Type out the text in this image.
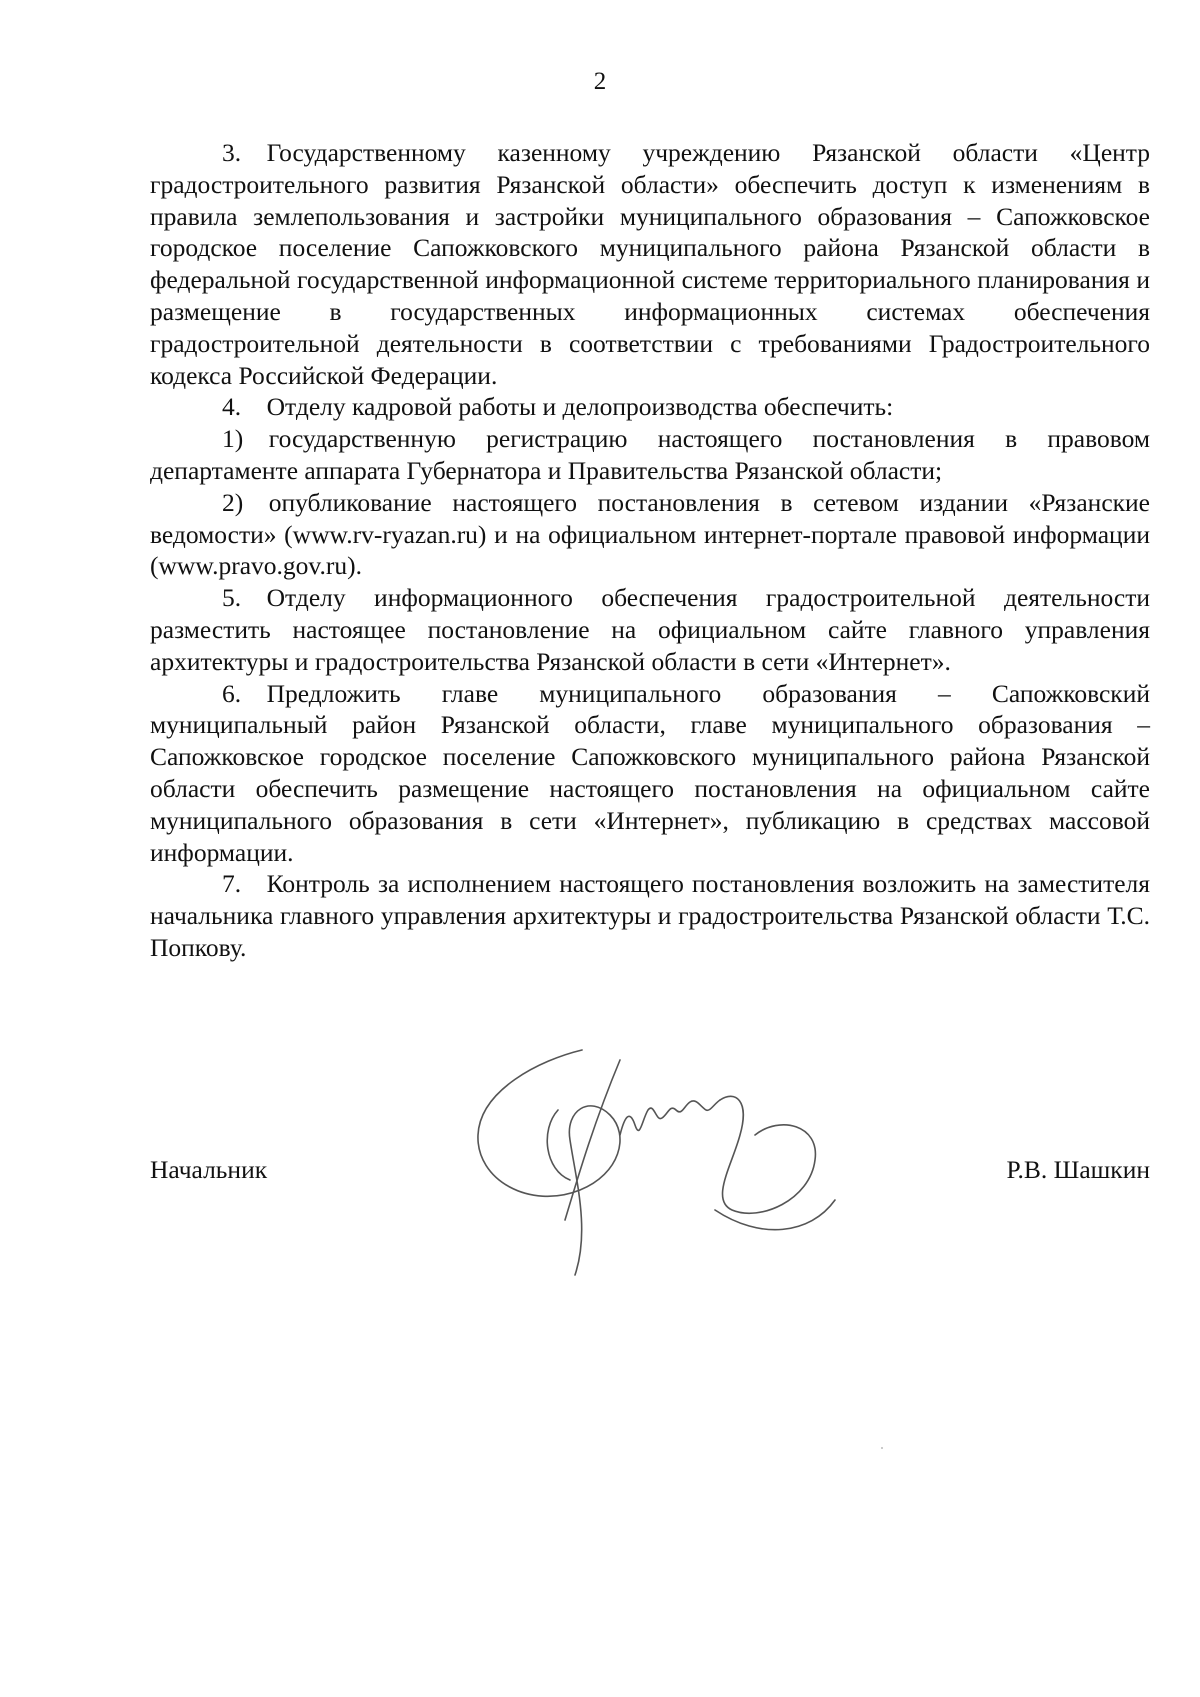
2

3. Государственному казенному учреждению Рязанской области «Центр градостроительного развития Рязанской области» обеспечить доступ к изменениям в правила землепользования и застройки муниципального образования – Сапожковское городское поселение Сапожковского муниципального района Рязанской области в федеральной государственной информационной системе территориального планирования и размещение в государственных информационных системах обеспечения градостроительной деятельности в соответствии с требованиями Градостроительного кодекса Российской Федерации.

4. Отделу кадровой работы и делопроизводства обеспечить:

1) государственную регистрацию настоящего постановления в правовом департаменте аппарата Губернатора и Правительства Рязанской области;

2) опубликование настоящего постановления в сетевом издании «Рязанские ведомости» (www.rv-ryazan.ru) и на официальном интернет-портале правовой информации (www.pravo.gov.ru).

5. Отделу информационного обеспечения градостроительной деятельности разместить настоящее постановление на официальном сайте главного управления архитектуры и градостроительства Рязанской области в сети «Интернет».

6. Предложить главе муниципального образования – Сапожковский муниципальный район Рязанской области, главе муниципального образования – Сапожковское городское поселение Сапожковского муниципального района Рязанской области обеспечить размещение настоящего постановления на официальном сайте муниципального образования в сети «Интернет», публикацию в средствах массовой информации.

7. Контроль за исполнением настоящего постановления возложить на заместителя начальника главного управления архитектуры и градостроительства Рязанской области Т.С. Попкову.

Начальник	Р.В. Шашкин
